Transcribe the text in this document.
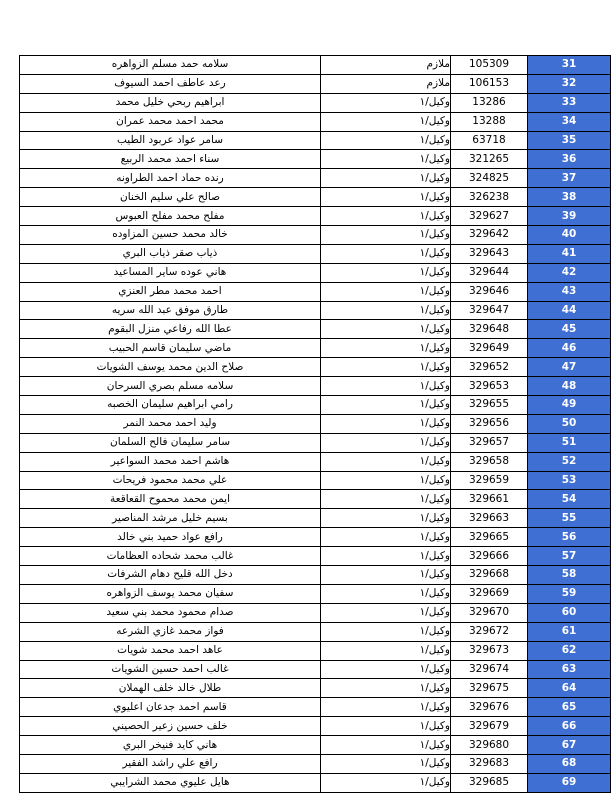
سلامه حمد مسلم الزواهره	ملازم	105309	31
رعد عاطف احمد السيوف	ملازم	106153	32
ابراهيم ربحي خليل محمد	وكيل/١	13286	33
محمد احمد محمد عمران	وكيل/١	13288	34
سامر عواد عربود الطيب	وكيل/١	63718	35
سناء احمد محمد الربيع	وكيل/١	321265	36
رنده حماد احمد الطراونه	وكيل/١	324825	37
صالح علي سليم الخنان	وكيل/١	326238	38
مفلح محمد مفلح العبوس	وكيل/١	329627	39
خالد محمد حسين المزاوده	وكيل/١	329642	40
ذياب صقر ذياب البري	وكيل/١	329643	41
هاني عوده ساير المساعيد	وكيل/١	329644	42
احمد محمد مطر العنزي	وكيل/١	329646	43
طارق موفق عبد الله سريه	وكيل/١	329647	44
عطا الله رفاعي منزل البقوم	وكيل/١	329648	45
ماضي سليمان قاسم الحبيب	وكيل/١	329649	46
صلاح الدين محمد يوسف الشويات	وكيل/١	329652	47
سلامه مسلم بصري السرحان	وكيل/١	329653	48
رامي ابراهيم سليمان الخصبه	وكيل/١	329655	49
وليد احمد محمد النمر	وكيل/١	329656	50
سامر سليمان فالح السلمان	وكيل/١	329657	51
هاشم احمد محمد السواعير	وكيل/١	329658	52
علي محمد محمود فريحات	وكيل/١	329659	53
ايمن محمد محموح القعاقعة	وكيل/١	329661	54
بسيم خليل مرشد المناصير	وكيل/١	329663	55
رافع عواد حميد بني خالد	وكيل/١	329665	56
غالب محمد شحاده العظامات	وكيل/١	329666	57
دخل الله قليح دهام الشرفات	وكيل/١	329668	58
سفيان محمد يوسف الزواهره	وكيل/١	329669	59
صدام محمود محمد بني سعيد	وكيل/١	329670	60
فواز محمد غازي الشرعه	وكيل/١	329672	61
عاهد احمد محمد شويات	وكيل/١	329673	62
غالب احمد حسين الشويات	وكيل/١	329674	63
طلال خالد خلف الهملان	وكيل/١	329675	64
قاسم احمد جدعان اعليوي	وكيل/١	329676	65
خلف حسين زعير الحصيني	وكيل/١	329679	66
هاني كايد فنيخر البري	وكيل/١	329680	67
رافع علي راشد الفقير	وكيل/١	329683	68
هايل عليوي محمد الشرايبي	وكيل/١	329685	69
